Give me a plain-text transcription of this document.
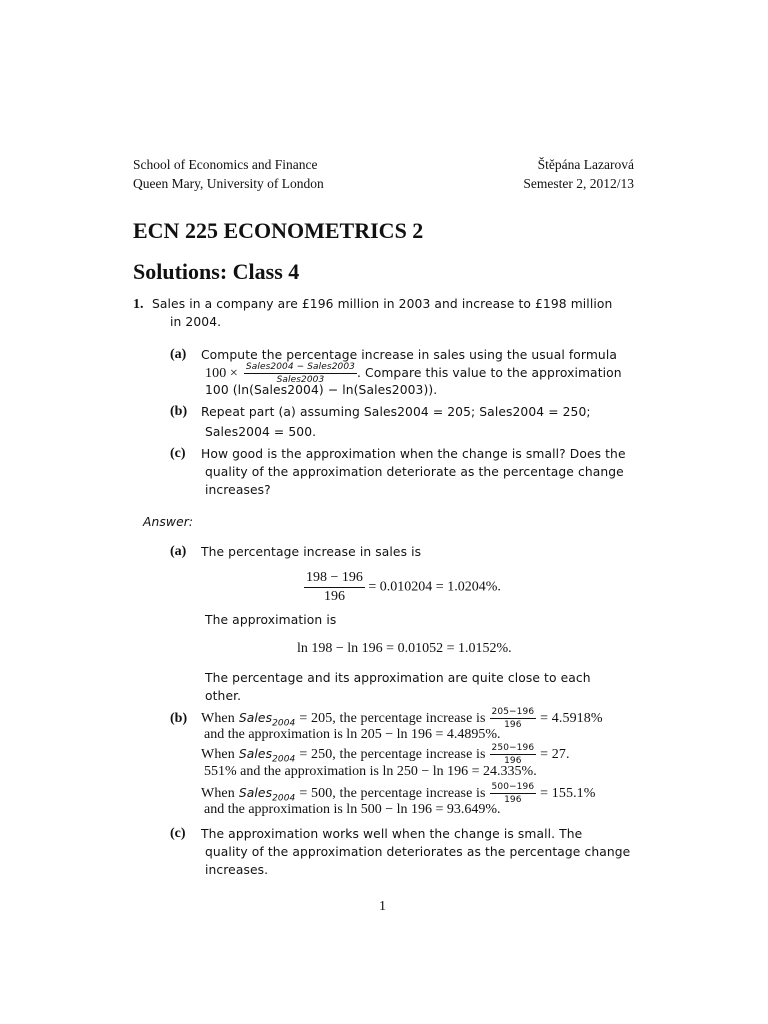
School of Economics and Finance
Queen Mary, University of London
Štěpána Lazarová
Semester 2, 2012/13
ECN 225 ECONOMETRICS 2
Solutions: Class 4
1. Sales in a company are £196 million in 2003 and increase to £198 million
in 2004.
(a) Compute the percentage increase in sales using the usual formula
$100 \times \frac{\text{Sales2004 − Sales2003}}{\text{Sales2003}}$ . Compare this value to the approximation
100 (ln(Sales2004) − ln(Sales2003)).
(b) Repeat part (a) assuming Sales2004 = 205; Sales2004 = 250;
Sales2004 = 500.
(c) How good is the approximation when the change is small? Does the
quality of the approximation deteriorate as the percentage change
increases?
Answer:
(a) The percentage increase in sales is
$\frac{198 - 196}{196} = 0.010204 = 1.0204\%$.
The approximation is
ln 198 − ln 196 = 0.01052 = 1.0152%.
The percentage and its approximation are quite close to each
other.
(b) When Sales$_{2004}$ = 205, the percentage increase is $\frac{205-196}{196} = 4.5918\%$
and the approximation is ln 205 − ln 196 = 4.4895%.
When Sales$_{2004}$ = 250, the percentage increase is $\frac{250-196}{196} = 27$.
551% and the approximation is ln 250 − ln 196 = 24.335%.
When Sales$_{2004}$ = 500, the percentage increase is $\frac{500-196}{196} = 155.1\%$
and the approximation is ln 500 − ln 196 = 93.649%.
(c) The approximation works well when the change is small. The
quality of the approximation deteriorates as the percentage change
increases.
1
